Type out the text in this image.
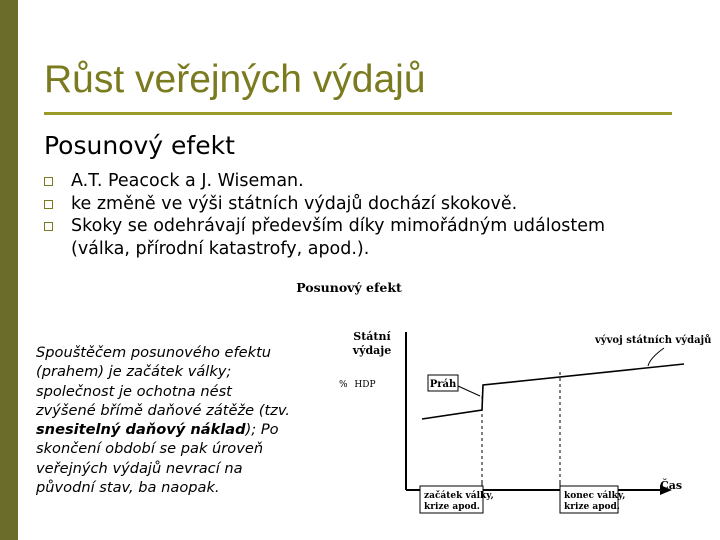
Růst veřejných výdajů
Posunový efekt
A.T. Peacock a J. Wiseman.
ke změně ve výši státních výdajů dochází skokově.
Skoky se odehrávají především díky mimořádným událostem (válka, přírodní katastrofy, apod.).
Spouštěčem posunového efektu (prahem) je začátek války; společnost je ochotna nést zvýšené břímě daňové zátěže (tzv. snesitelný daňový náklad); Po skončení období se pak úroveň veřejných výdajů nevrací na původní stav, ba naopak.
Posunový efekt
Státní
výdaje
% HDP
vývoj státních výdajů
Práh
Čas
začátek války,
krize apod.
konec války,
krize apod.
